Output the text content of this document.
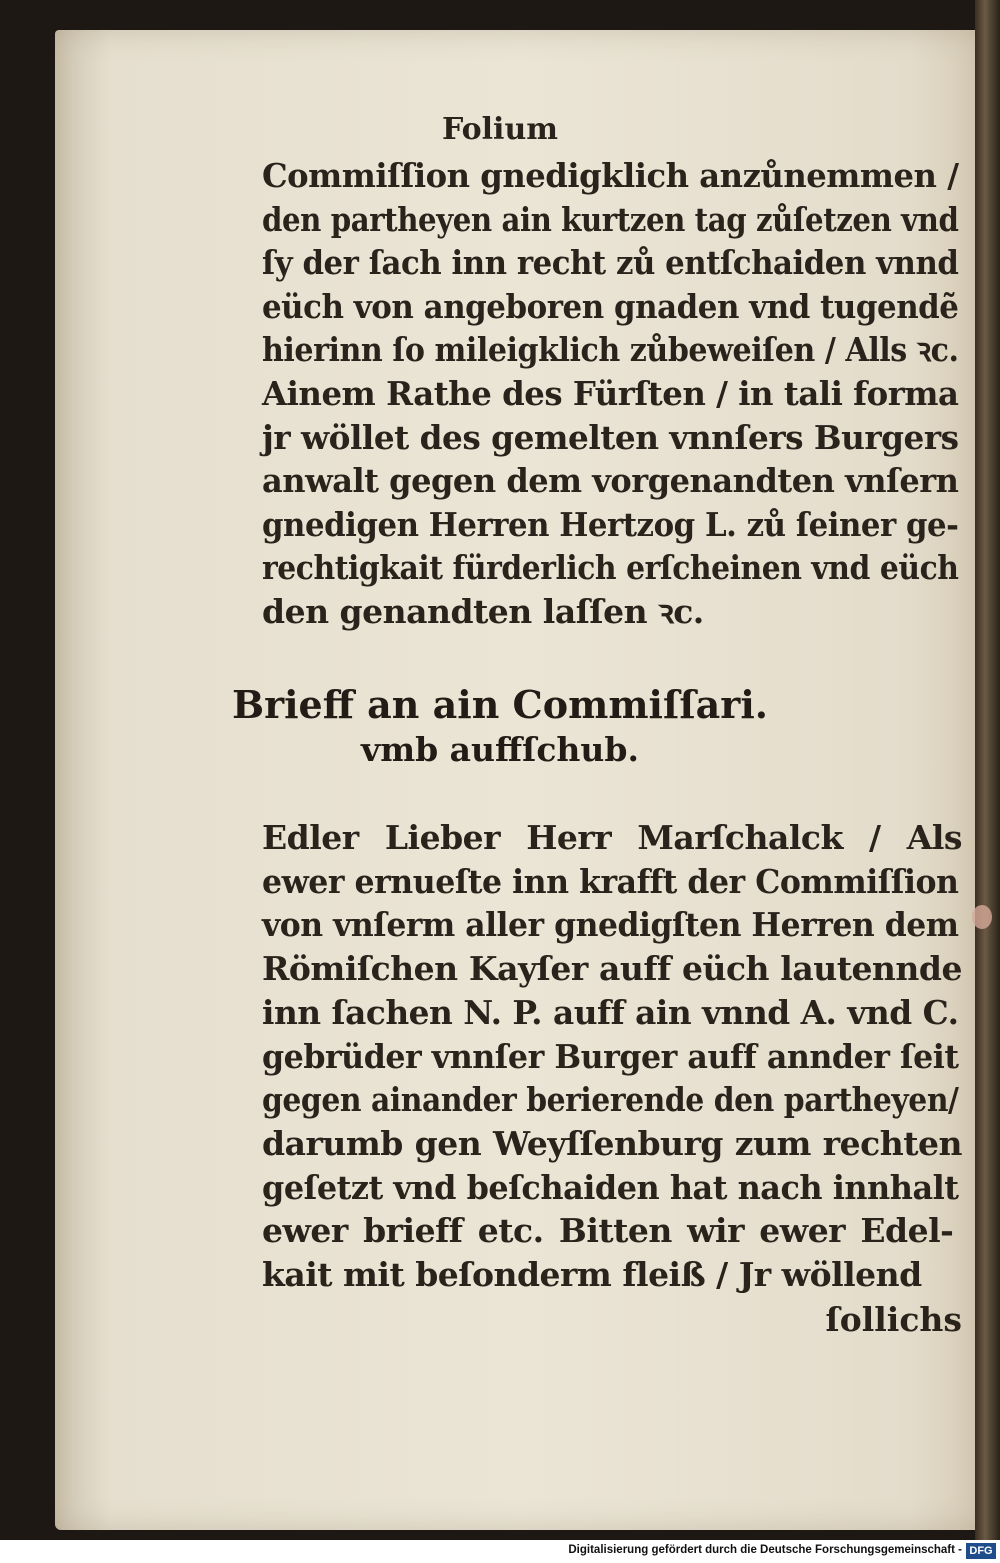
Folium
Commiſſion gnedigklich anzůnemmen /
den partheyen ain kurtzen tag zůſetzen vnd
ſy der ſach inn recht zů entſchaiden vnnd
eüch von angeboren gnaden vnd tugendẽ
hierinn ſo mileigklich zůbeweiſen / Alls ꝛc.
Ainem Rathe des Fürſten / in tali forma
jr wöllet des gemelten vnnſers Burgers
anwalt gegen dem vorgenandten vnſern
gnedigen Herren Hertzog L. zů ſeiner ge-
rechtigkait fürderlich erſcheinen vnd eüch
den genandten laſſen ꝛc.
Brieff an ain Commiſſari.
vmb auffſchub.
Edler Lieber Herr Marſchalck / Als
ewer ernueſte inn krafft der Commiſſion
von vnſerm aller gnedigſten Herren dem
Römiſchen Kayſer auff eüch lautennde
inn ſachen N. P. auff ain vnnd A. vnd C.
gebrüder vnnſer Burger auff annder ſeit
gegen ainander berierende den partheyen/
darumb gen Weyſſenburg zum rechten
geſetzt vnd beſchaiden hat nach innhalt
ewer brieff etc. Bitten wir ewer Edel-
kait mit beſonderm fleiß / Jr wöllend
ſollichs
Digitalisierung gefördert durch die Deutsche Forschungsgemeinschaft - DFG
